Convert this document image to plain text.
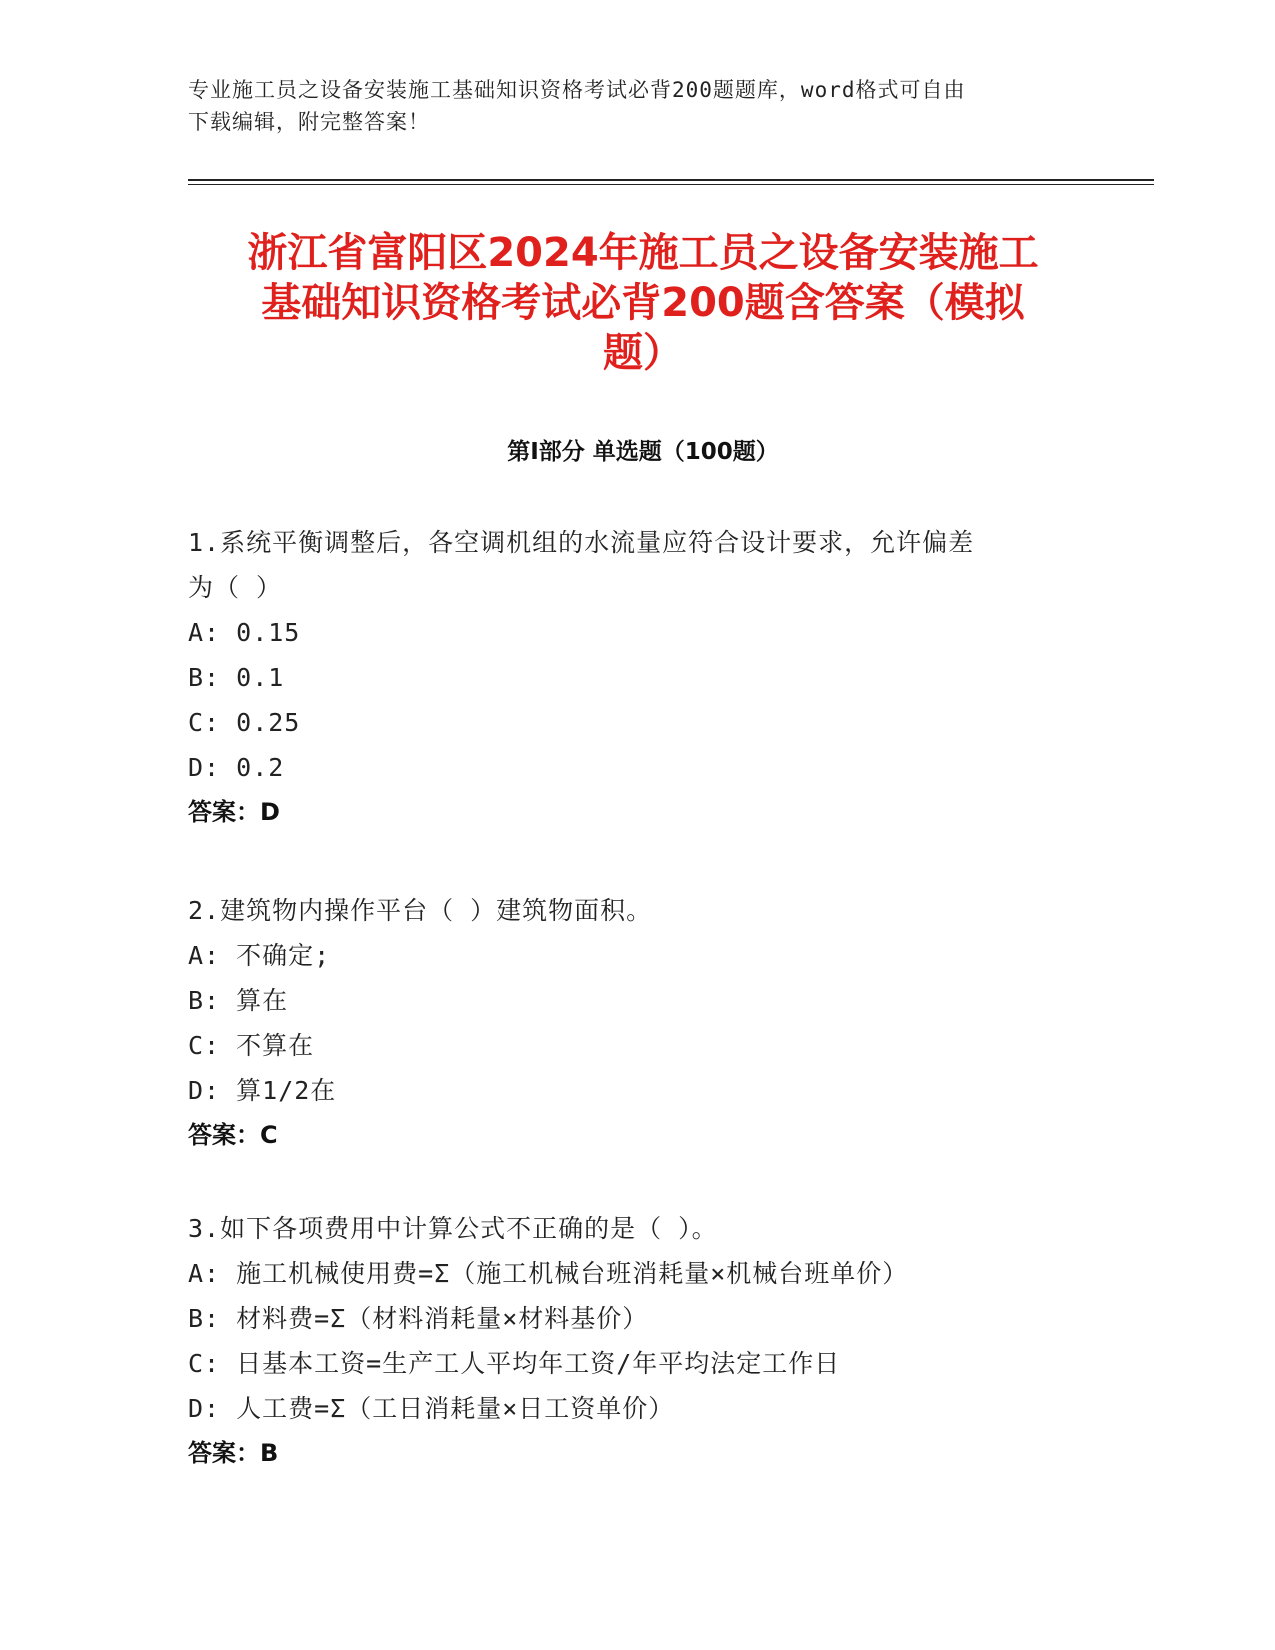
专业施工员之设备安装施工基础知识资格考试必背200题题库，word格式可自由
下载编辑，附完整答案！
浙江省富阳区2024年施工员之设备安装施工
基础知识资格考试必背200题含答案（模拟
题）
第Ⅰ部分 单选题（100题）
1.系统平衡调整后，各空调机组的水流量应符合设计要求，允许偏差
为（ ）
A: 0.15
B: 0.1
C: 0.25
D: 0.2
答案：D
2.建筑物内操作平台（ ）建筑物面积。
A: 不确定;
B: 算在
C: 不算在
D: 算1/2在
答案：C
3.如下各项费用中计算公式不正确的是（ ）。
A: 施工机械使用费=Σ（施工机械台班消耗量×机械台班单价）
B: 材料费=Σ（材料消耗量×材料基价）
C: 日基本工资=生产工人平均年工资/年平均法定工作日
D: 人工费=Σ（工日消耗量×日工资单价）
答案：B
